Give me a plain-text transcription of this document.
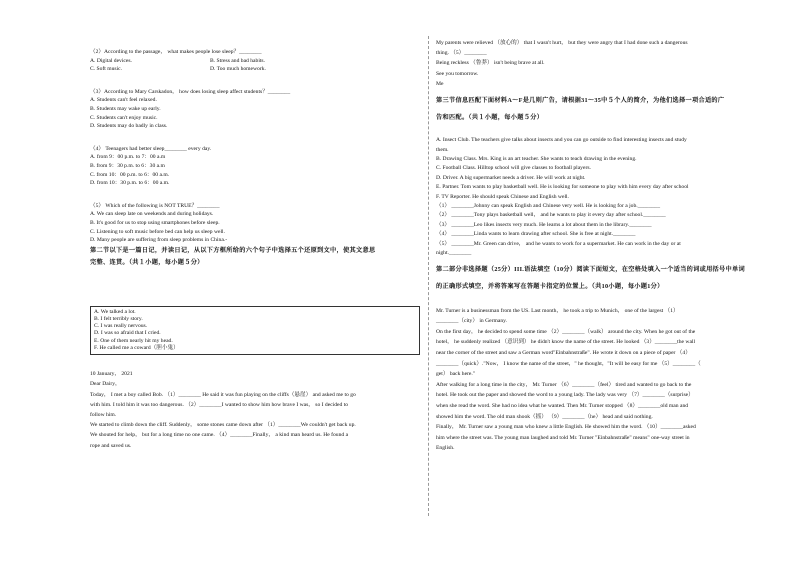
（2）According to the passage， what makes people lose sleep？________
A. Digital devices.	B. Stress and bad habits.
C. Soft music.	D. Too much homework.
（3）According to Mary Carskadon， how does losing sleep affect students？________
A. Students can't feel relaxed.
B. Students may wake up early.
C. Students can't enjoy music.
D. Students may do badly in class.
（4） Teenagers had better sleep________ every day.
A. from 9：00 p.m. to 7：00 a.m
B. from 9：30 p.m. to 6：30 a.m
C. from 10：00 p.m. to 6：00 a.m.
D. from 10：30 p.m. to 6：00 a.m.
（5） Which of the following is NOT TRUE？________
A. We can sleep late on weekends and during holidays.
B. It's good for us to stop using smartphones before sleep.
C. Listening to soft music before bed can help us sleep well.
D. Many people are suffering from sleep problems in China.-
第二节以下是一篇日记，并读日记，从以下方框所给的六个句子中选择五个还原到文中，使其文意思
完整、连贯。（共１小题，每小题５分）
A. We talked a lot.
B. I felt terribly story.
C. I was really nervous.
D. I was so afraid that I cried.
E. One of them nearly hit my head.
F. He called me a coward（胆小鬼）
10 January， 2021
Dear Dairy，
Today， I met a boy called Bob. （1）________ He said it was fun playing on the cliffs（悬崖） and asked me to go
with him. I told him it was too dangerous. （2）________I wanted to show him how brave I was， so I decided to
follow him.
We started to climb down the cliff. Suddenly， some stones came down after （1）________We couldn't get back up.
We shouted for help， but for a long time no one came. （4）________Finally， a kind man heard us. He found a
rope and saved us.
My parents were relieved （放心的） that I wasn't hurt， but they were angry that I had done such a dangerous
thing. （5）________
Being reckless （鲁莽） isn't being brave at all.
See you tomorrow.
Me
第三节信息匹配下面材料A～F是几则广告，请根据31～35中５个人的简介，为他们选择一项合适的广
告和匹配。（共１小题，每小题５分）
A. Insect Club. The teachers give talks about insects and you can go outside to find interesting insects and study
them.
B. Drawing Class. Mrs. King is an art teacher. She wants to teach drawing in the evening.
C. Football Class. Hilltop school will give classes to football players.
D. Driver. A big supermarket needs a driver. He will work at night.
E. Partner. Tom wants to play basketball well. He is looking for someone to play with him every day after school
F. TV Reporter. He should speak Chinese and English well.
（1） ________Johnny can speak English and Chinese very well. He is looking for a job.________
（2） ________Tony plays basketball well， and he wants to play it every day after school.________
（3） ________Leo likes insects very much. He learns a lot about them in the library.________
（4） ________Linda wants to learn drawing after school. She is free at night.________
（5） ________Mr. Green can drive， and he wants to work for a supermarket. He can work in the day or at
night.________
第二部分非选择题（25分）III.语法填空（10分）阅读下面短文，在空格处填入一个适当的词或用括号中单词
的正确形式填空，并将答案写在答题卡指定的位置上。（共10小题，每小题1分）
Mr. Turner is a businessman from the US. Last month， he took a trip to Munich， one of the largest （1）
________（city） in Germany.
On the first day， he decided to spend some time （2）________（walk） around the city. When he got out of the
hotel， he suddenly realized （意识到） he didn't know the name of the street. He looked （3）________the wall
near the corner of the street and saw a German word"Einbahnstraße". He wrote it down on a piece of paper （4）
________（quick）."Now， I know the name of the street，" he thought，"It will be easy for me （5）________（
get） back here."
After walking for a long time in the city， Mr. Turner （6）________（feel） tired and wanted to go back to the
hotel. He took out the paper and showed the word to a young lady. The lady was very （7）________（surprise）
when she read the word. She had no idea what he wanted. Then Mr. Turner stopped （8）________old man and
showed him the word. The old man shook（摇） （9）________（he） head and said nothing.
Finally， Mr. Turner saw a young man who knew a little English. He showed him the word. （10）________asked
him where the street was. The young man laughed and told Mr. Turner "Einbahnstraße" means" one-way street in
English.
